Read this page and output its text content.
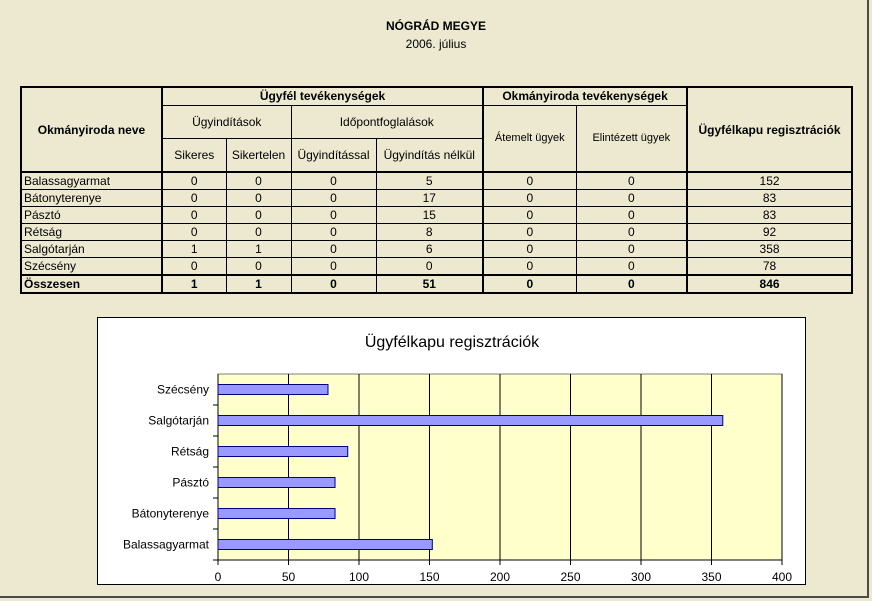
NÓGRÁD MEGYE
2006. július
Okmányiroda neve	Ügyfél tevékenységek				Okmányiroda tevékenységek		Ügyfélkapu regisztrációk
	Ügyindítások		Időpontfoglalások		Átemelt ügyek	Elintézett ügyek	
	Sikeres	Sikertelen	Ügyindítással	Ügyindítás nélkül			
Balassagyarmat	0	0	0	5	0	0	152
Bátonyterenye	0	0	0	17	0	0	83
Pásztó	0	0	0	15	0	0	83
Rétság	0	0	0	8	0	0	92
Salgótarján	1	1	0	6	0	0	358
Szécsény	0	0	0	0	0	0	78
Összesen	1	1	0	51	0	0	846
Ügyfélkapu regisztrációk
0	50	100	150	200	250	300	350	400
Balassagyarmat
Bátonyterenye
Pásztó
Rétság
Salgótarján
Szécsény
